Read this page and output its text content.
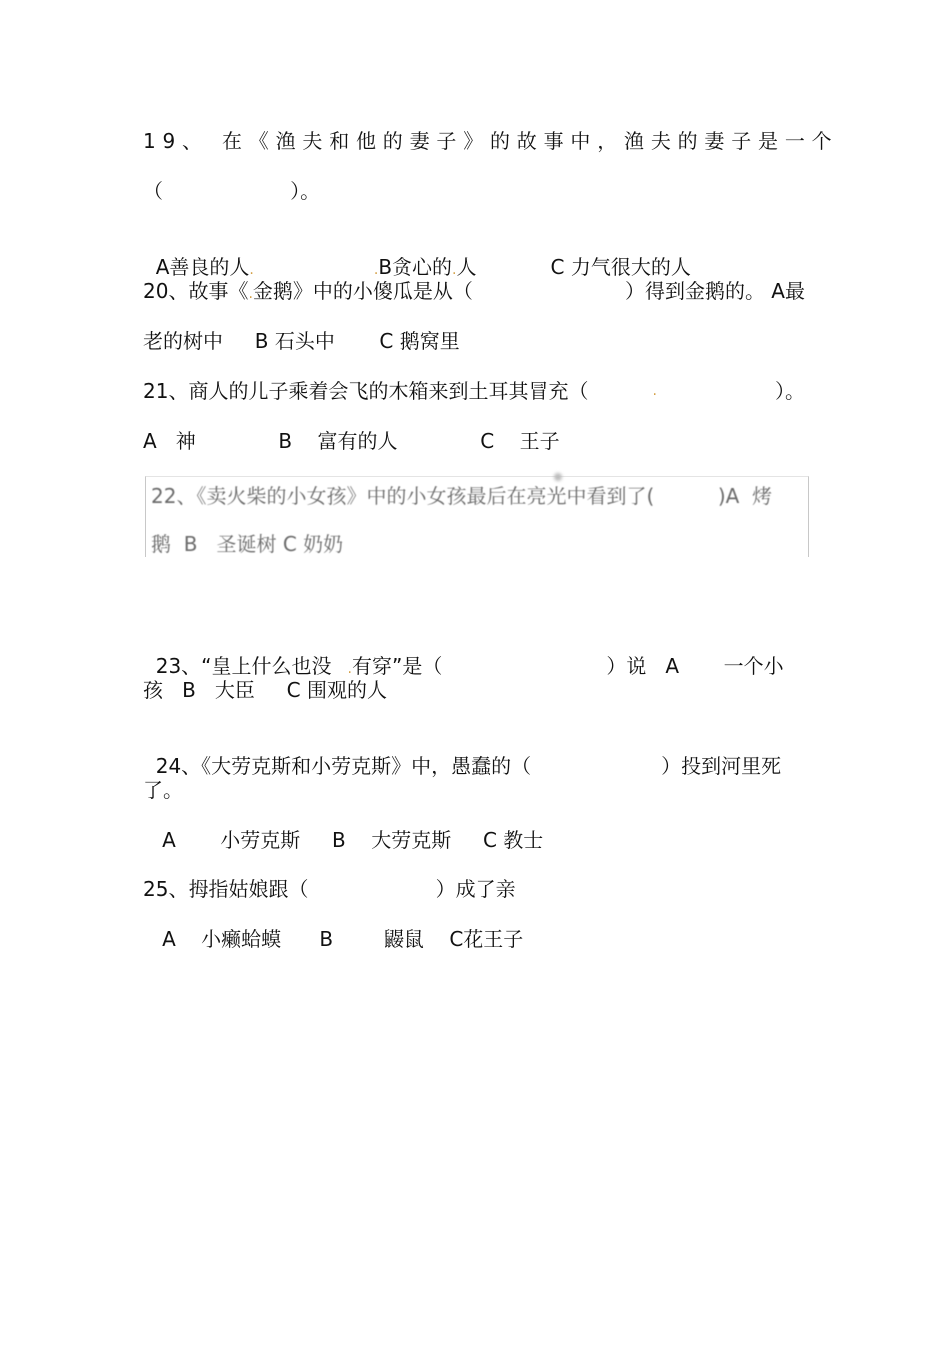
19、 在《渔夫和他的妻子》的故事中， 渔夫的妻子是一个
（                    ）。

A善良的人.	.B贪心的.人	C 力气很大的人

20、故事《.金鹅》中的小傻瓜是从（	）得到金鹅的。 A最
老的树中     B 石头中       C 鹅窝里
21、商人的儿子乘着会飞的木箱来到土耳其冒充（	.	）。
A   神             B    富有的人             C    王子
22、《卖火柴的小女孩》中的小女孩最后在亮光中看到了(          )A  烤
鹅  B   圣诞树 C 奶奶

23、“皇上什么也没 .有穿”是（	）说   A       一个小

孩   B   大臣     C 围观的人

24、《大劳克斯和小劳克斯》中，愚蠢的（	）投到河里死

了。
A       小劳克斯     B    大劳克斯     C 教士
25、拇指姑娘跟（                    ）成了亲
A    小癞蛤蟆      B        鼹鼠    C花王子
